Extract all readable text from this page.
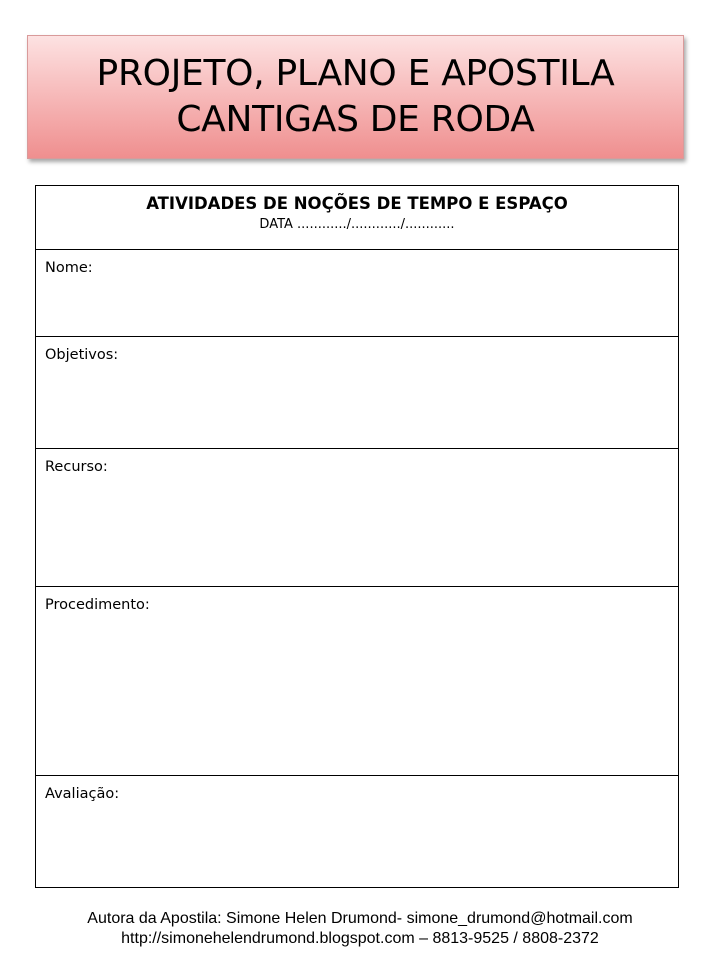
PROJETO, PLANO E APOSTILA
CANTIGAS DE RODA
ATIVIDADES DE NOÇÕES DE TEMPO E ESPAÇO
DATA ............/............/............
Nome:
Objetivos:
Recurso:
Procedimento:
Avaliação:
Autora da Apostila: Simone Helen Drumond- simone_drumond@hotmail.com
http://simonehelendrumond.blogspot.com – 8813-9525 / 8808-2372
